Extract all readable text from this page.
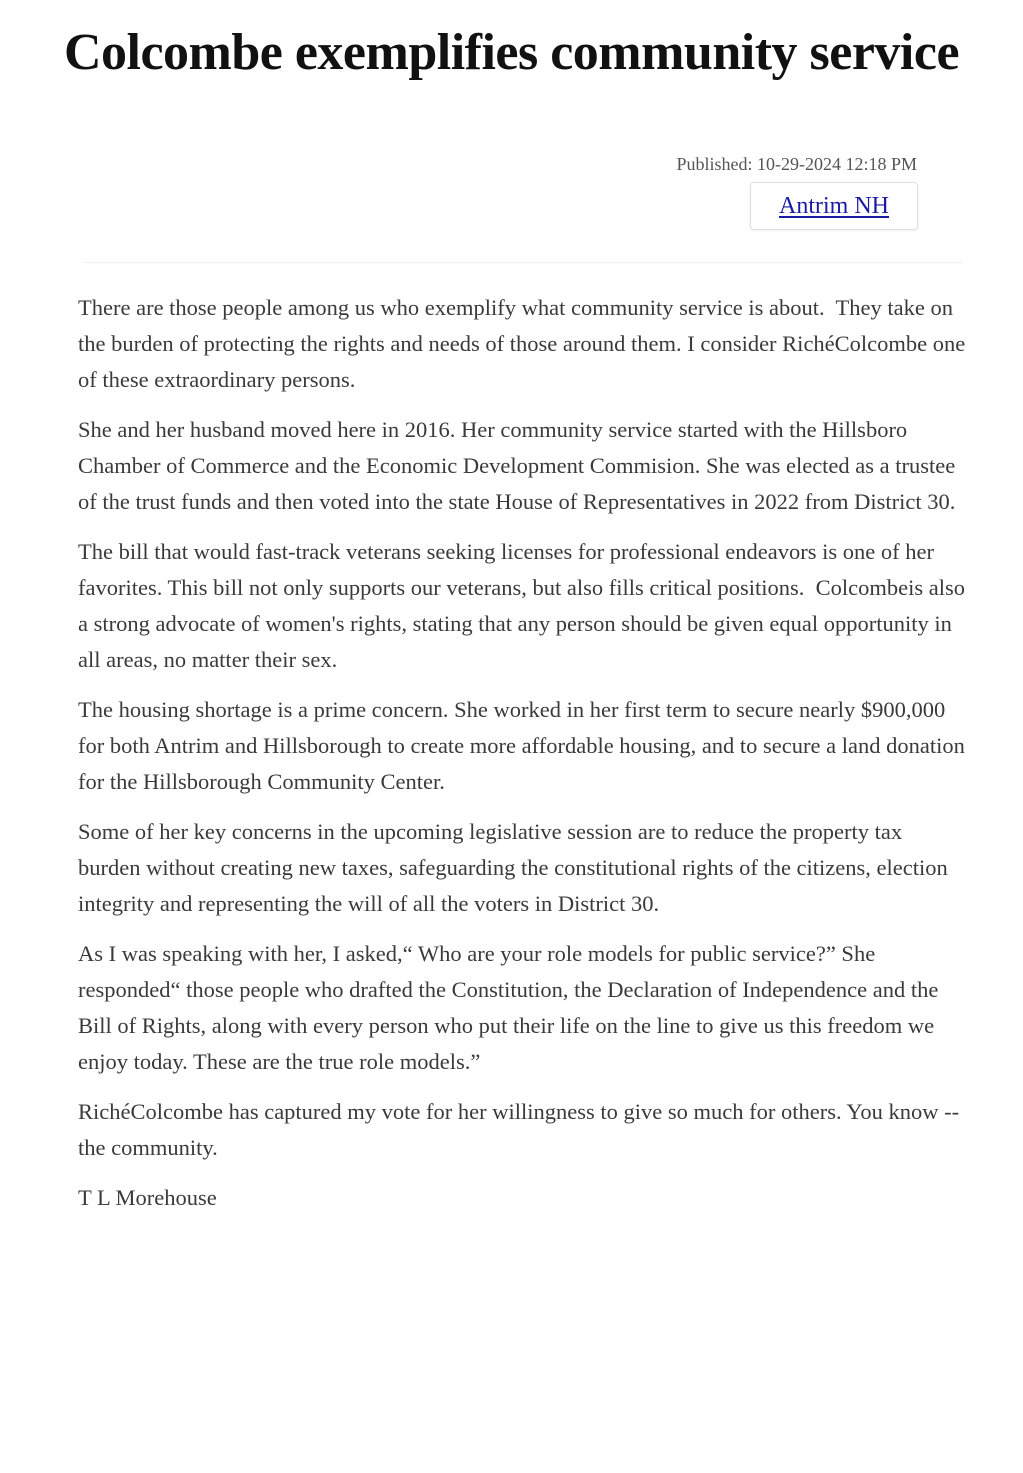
Colcombe exemplifies community service
Published: 10-29-2024 12:18 PM
Antrim NH

There are those people among us who exemplify what community service is about.  They take on the burden of protecting the rights and needs of those around them. I consider RichéColcombe one of these extraordinary persons.

She and her husband moved here in 2016. Her community service started with the Hillsboro Chamber of Commerce and the Economic Development Commision. She was elected as a trustee of the trust funds and then voted into the state House of Representatives in 2022 from District 30.

The bill that would fast-track veterans seeking licenses for professional endeavors is one of her favorites. This bill not only supports our veterans, but also fills critical positions.  Colcombeis also a strong advocate of women's rights, stating that any person should be given equal opportunity in all areas, no matter their sex.

The housing shortage is a prime concern. She worked in her first term to secure nearly $900,000 for both Antrim and Hillsborough to create more affordable housing, and to secure a land donation for the Hillsborough Community Center.

Some of her key concerns in the upcoming legislative session are to reduce the property tax burden without creating new taxes, safeguarding the constitutional rights of the citizens, election integrity and representing the will of all the voters in District 30.

As I was speaking with her, I asked,“ Who are your role models for public service?” She responded“ those people who drafted the Constitution, the Declaration of Independence and the Bill of Rights, along with every person who put their life on the line to give us this freedom we enjoy today. These are the true role models.”

RichéColcombe has captured my vote for her willingness to give so much for others. You know -- the community.

T L Morehouse
